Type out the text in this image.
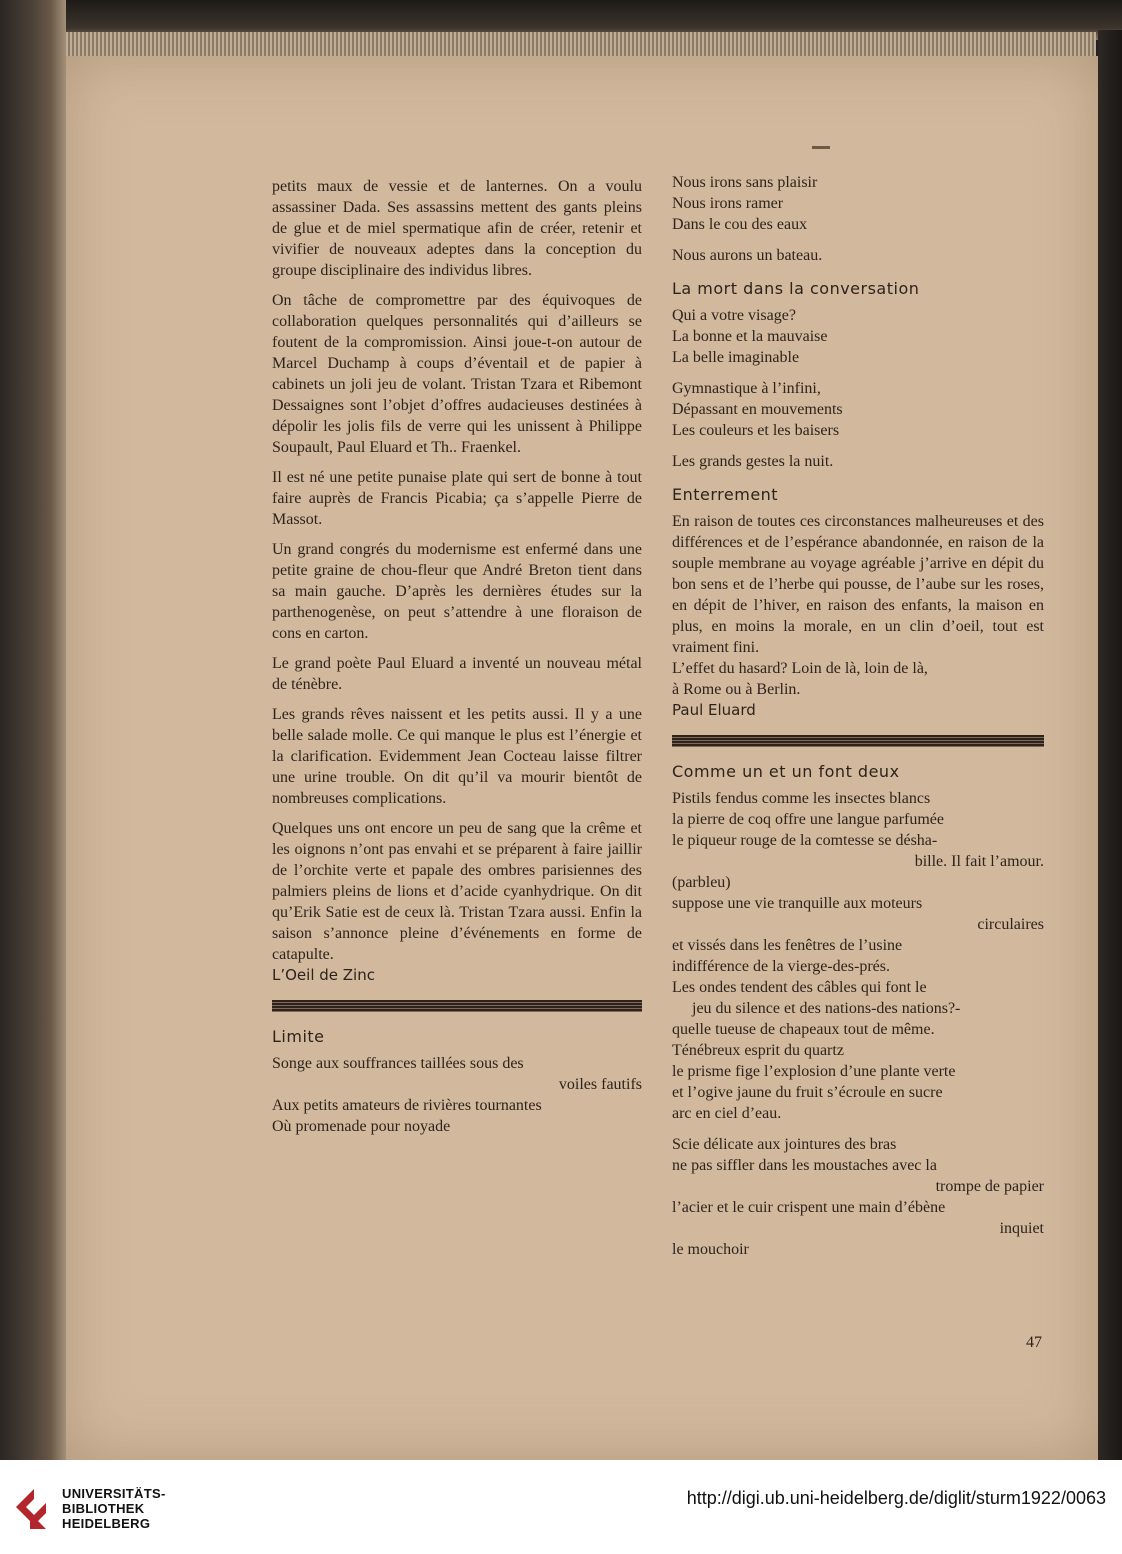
petits maux de vessie et de lanternes. On a voulu assassiner Dada. Ses assassins mettent des gants pleins de glue et de miel spermatique afin de créer, retenir et vivifier de nouveaux adeptes dans la conception du groupe disciplinaire des individus libres.

On tâche de compromettre par des équivoques de collaboration quelques personnalités qui d’ailleurs se foutent de la compromission. Ainsi joue-t-on autour de Marcel Duchamp à coups d’éventail et de papier à cabinets un joli jeu de volant. Tristan Tzara et Ribemont Dessaignes sont l’objet d’offres audacieuses destinées à dépolir les jolis fils de verre qui les unissent à Philippe Soupault, Paul Eluard et Th.. Fraenkel.

Il est né une petite punaise plate qui sert de bonne à tout faire auprès de Francis Picabia; ça s’appelle Pierre de Massot.

Un grand congrés du modernisme est enfermé dans une petite graine de chou-fleur que André Breton tient dans sa main gauche. D’après les dernières études sur la parthenogenèse, on peut s’attendre à une floraison de cons en carton.

Le grand poète Paul Eluard a inventé un nouveau métal de ténèbre.

Les grands rêves naissent et les petits aussi. Il y a une belle salade molle. Ce qui manque le plus est l’énergie et la clarification. Evidemment Jean Cocteau laisse filtrer une urine trouble. On dit qu’il va mourir bientôt de nombreuses complications.

Quelques uns ont encore un peu de sang que la crême et les oignons n’ont pas envahi et se préparent à faire jaillir de l’orchite verte et papale des ombres parisiennes des palmiers pleins de lions et d’acide cyanhydrique. On dit qu’Erik Satie est de ceux là. Tristan Tzara aussi. Enfin la saison s’annonce pleine d’événements en forme de catapulte.

L’Oeil de Zinc

Limite

Songe aux souffrances taillées sous des

voiles fautifs

Aux petits amateurs de rivières tournantes

Où promenade pour noyade

Nous irons sans plaisir

Nous irons ramer

Dans le cou des eaux

Nous aurons un bateau.

La mort dans la conversation

Qui a votre visage?

La bonne et la mauvaise

La belle imaginable

Gymnastique à l’infini,

Dépassant en mouvements

Les couleurs et les baisers

Les grands gestes la nuit.

Enterrement

En raison de toutes ces circonstances malheureuses et des différences et de l’espérance abandonnée, en raison de la souple membrane au voyage agréable j’arrive en dépit du bon sens et de l’herbe qui pousse, de l’aube sur les roses, en dépit de l’hiver, en raison des enfants, la maison en plus, en moins la morale, en un clin d’oeil, tout est vraiment fini.

L’effet du hasard? Loin de là, loin de là,

à Rome ou à Berlin.

Paul Eluard

Comme un et un font deux

Pistils fendus comme les insectes blancs

la pierre de coq offre une langue parfumée

le piqueur rouge de la comtesse se désha-

bille. Il fait l’amour.

(parbleu)

suppose une vie tranquille aux moteurs

circulaires

et vissés dans les fenêtres de l’usine

indifférence de la vierge-des-prés.

Les ondes tendent des câbles qui font le

jeu du silence et des nations-des nations?-

quelle tueuse de chapeaux tout de même.

Ténébreux esprit du quartz

le prisme fige l’explosion d’une plante verte

et l’ogive jaune du fruit s’écroule en sucre

arc en ciel d’eau.

Scie délicate aux jointures des bras

ne pas siffler dans les moustaches avec la

trompe de papier

l’acier et le cuir crispent une main d’ébène

inquiet

le mouchoir

47
UNIVERSITÄTS-
BIBLIOTHEK
HEIDELBERG
http://digi.ub.uni-heidelberg.de/diglit/sturm1922/0063
